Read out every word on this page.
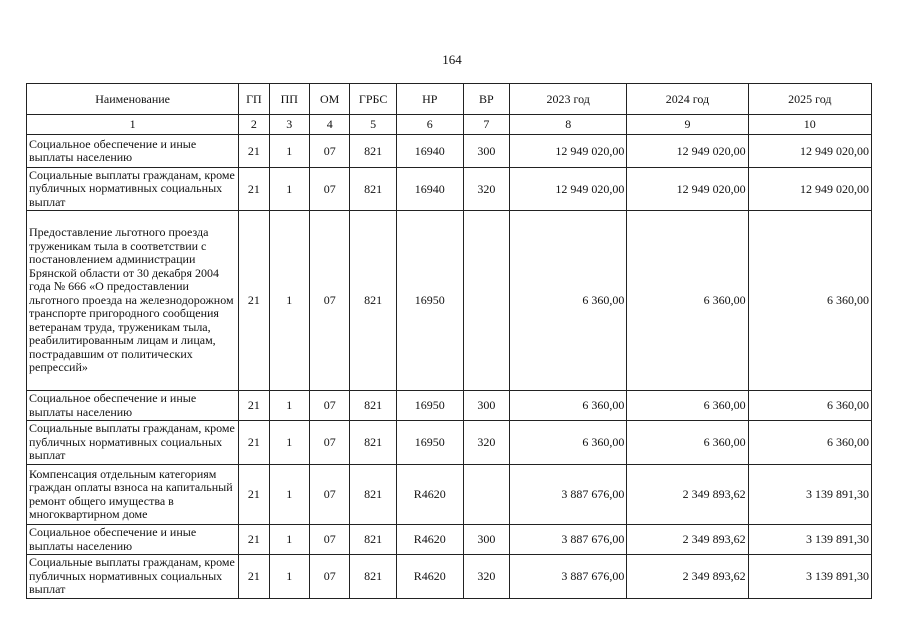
164
Наименование	ГП	ПП	ОМ	ГРБС	НР	ВР	2023 год	2024 год	2025 год
1	2	3	4	5	6	7	8	9	10
Социальное обеспечение и иные выплаты населению	21	1	07	821	16940	300	12 949 020,00	12 949 020,00	12 949 020,00
Социальные выплаты гражданам, кроме публичных нормативных социальных выплат	21	1	07	821	16940	320	12 949 020,00	12 949 020,00	12 949 020,00
Предоставление льготного проезда труженикам тыла в соответствии с постановлением администрации Брянской области от 30 декабря 2004 года № 666 «О предоставлении льготного проезда на железнодорожном транспорте пригородного сообщения ветеранам труда, труженикам тыла, реабилитированным лицам и лицам, пострадавшим от политических репрессий»	21	1	07	821	16950		6 360,00	6 360,00	6 360,00
Социальное обеспечение и иные выплаты населению	21	1	07	821	16950	300	6 360,00	6 360,00	6 360,00
Социальные выплаты гражданам, кроме публичных нормативных социальных выплат	21	1	07	821	16950	320	6 360,00	6 360,00	6 360,00
Компенсация отдельным категориям граждан оплаты взноса на капитальный ремонт общего имущества в многоквартирном доме	21	1	07	821	R4620		3 887 676,00	2 349 893,62	3 139 891,30
Социальное обеспечение и иные выплаты населению	21	1	07	821	R4620	300	3 887 676,00	2 349 893,62	3 139 891,30
Социальные выплаты гражданам, кроме публичных нормативных социальных выплат	21	1	07	821	R4620	320	3 887 676,00	2 349 893,62	3 139 891,30
